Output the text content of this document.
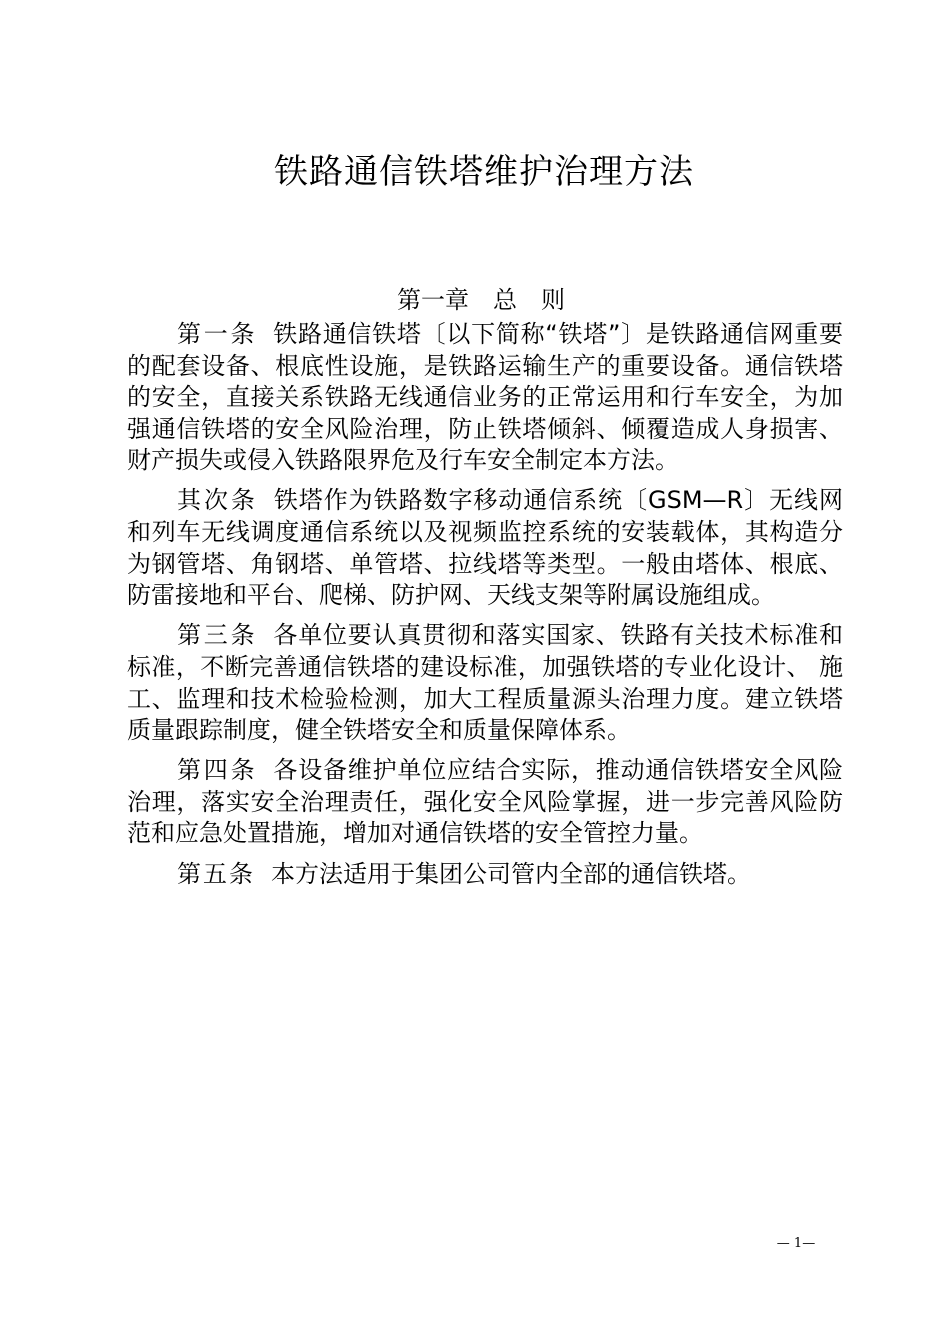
铁路通信铁塔维护治理方法
第一章　总　则

第一条 铁路通信铁塔〔以下简称“铁塔”〕是铁路通信网重要的配套设备、根底性设施，是铁路运输生产的重要设备。通信铁塔的安全，直接关系铁路无线通信业务的正常运用和行车安全，为加强通信铁塔的安全风险治理，防止铁塔倾斜、倾覆造成人身损害、财产损失或侵入铁路限界危及行车安全制定本方法。

其次条 铁塔作为铁路数字移动通信系统〔GSM—R〕无线网和列车无线调度通信系统以及视频监控系统的安装载体，其构造分为钢管塔、角钢塔、单管塔、拉线塔等类型。一般由塔体、根底、防雷接地和平台、爬梯、防护网、天线支架等附属设施组成。

第三条 各单位要认真贯彻和落实国家、铁路有关技术标准和标准，不断完善通信铁塔的建设标准，加强铁塔的专业化设计、 施工、监理和技术检验检测，加大工程质量源头治理力度。建立铁塔质量跟踪制度，健全铁塔安全和质量保障体系。

第四条 各设备维护单位应结合实际，推动通信铁塔安全风险治理，落实安全治理责任，强化安全风险掌握，进一步完善风险防范和应急处置措施，增加对通信铁塔的安全管控力量。

第五条 本方法适用于集团公司管内全部的通信铁塔。

— 1—
